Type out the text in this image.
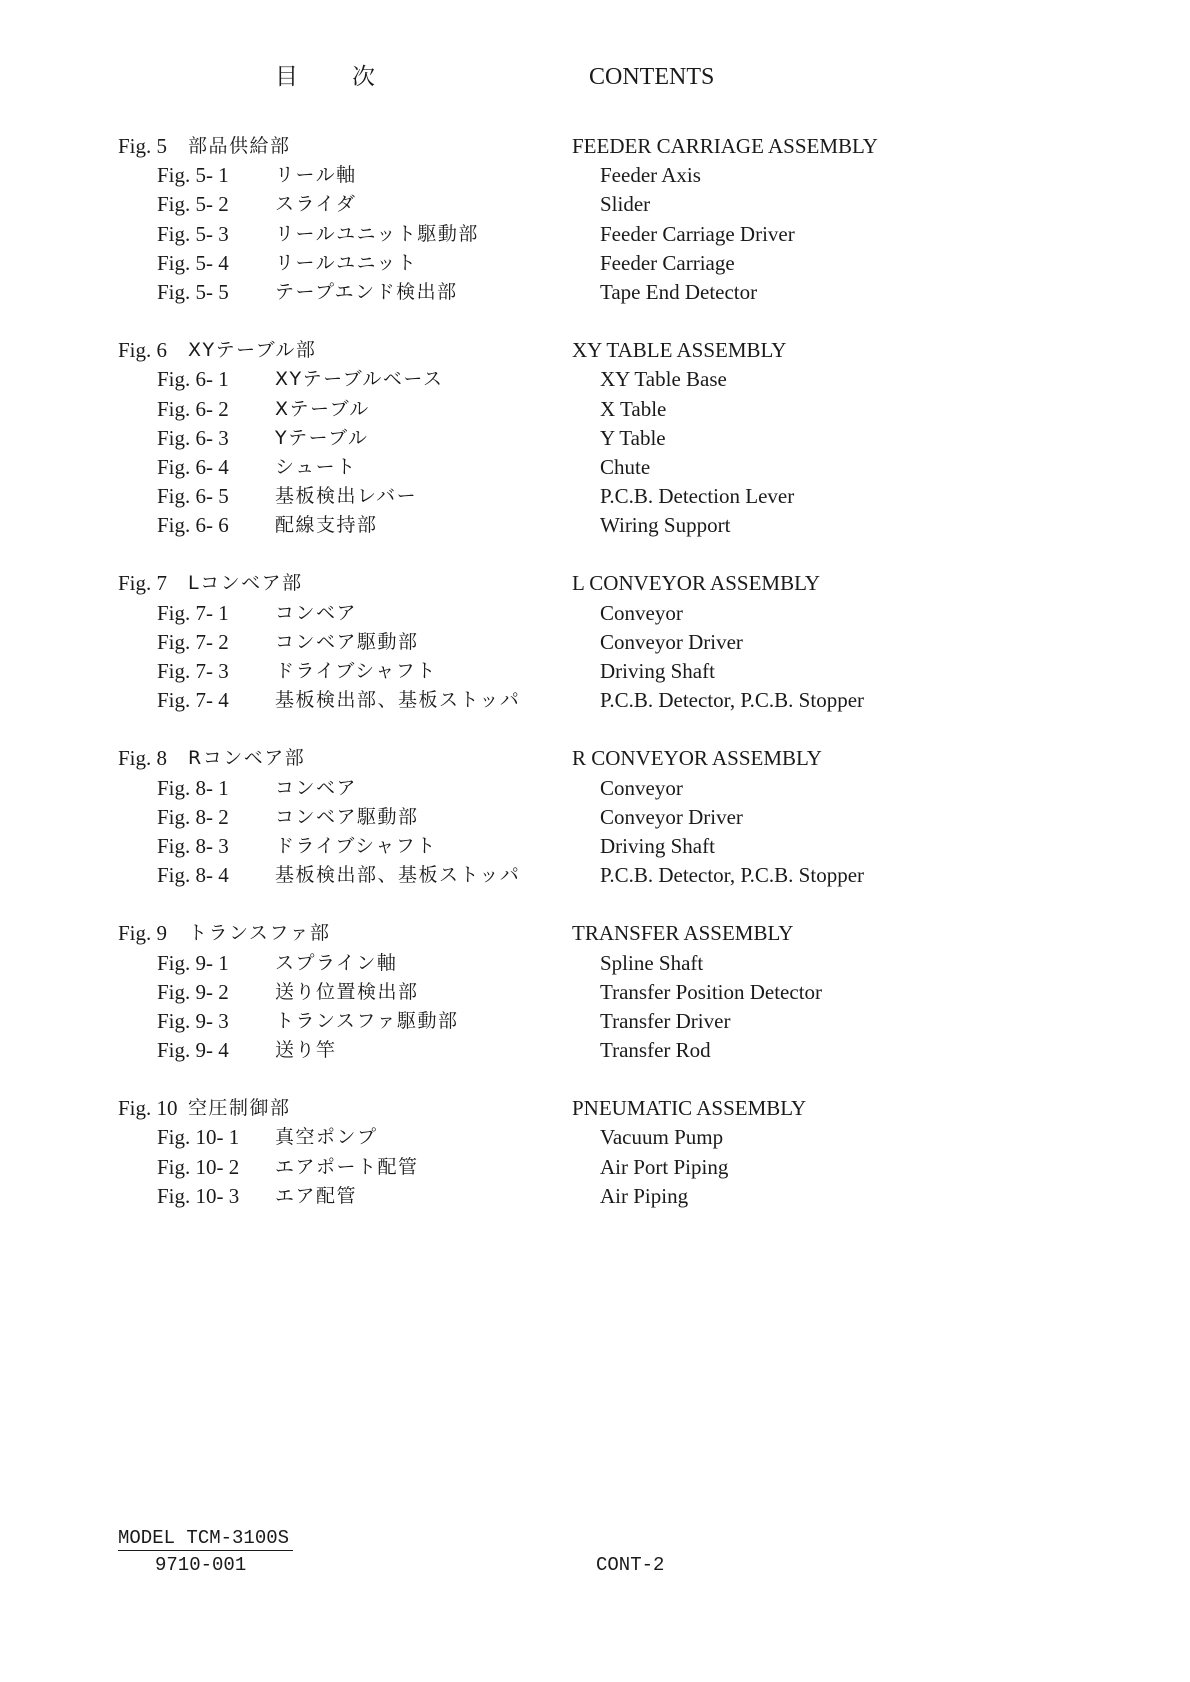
目次	CONTENTS
Fig. 5 部品供給部	FEEDER CARRIAGE ASSEMBLY
Fig. 5- 1 リール軸	Feeder Axis
Fig. 5- 2 スライダ	Slider
Fig. 5- 3 リールユニット駆動部	Feeder Carriage Driver
Fig. 5- 4 リールユニット	Feeder Carriage
Fig. 5- 5 テープエンド検出部	Tape End Detector
Fig. 6 XYテーブル部	XY TABLE ASSEMBLY
Fig. 6- 1 XYテーブルベース	XY Table Base
Fig. 6- 2 Xテーブル	X Table
Fig. 6- 3 Yテーブル	Y Table
Fig. 6- 4 シュート	Chute
Fig. 6- 5 基板検出レバー	P.C.B. Detection Lever
Fig. 6- 6 配線支持部	Wiring Support
Fig. 7 Lコンベア部	L CONVEYOR ASSEMBLY
Fig. 7- 1 コンベア	Conveyor
Fig. 7- 2 コンベア駆動部	Conveyor Driver
Fig. 7- 3 ドライブシャフト	Driving Shaft
Fig. 7- 4 基板検出部、基板ストッパ	P.C.B. Detector, P.C.B. Stopper
Fig. 8 Rコンベア部	R CONVEYOR ASSEMBLY
Fig. 8- 1 コンベア	Conveyor
Fig. 8- 2 コンベア駆動部	Conveyor Driver
Fig. 8- 3 ドライブシャフト	Driving Shaft
Fig. 8- 4 基板検出部、基板ストッパ	P.C.B. Detector, P.C.B. Stopper
Fig. 9 トランスファ部	TRANSFER ASSEMBLY
Fig. 9- 1 スプライン軸	Spline Shaft
Fig. 9- 2 送り位置検出部	Transfer Position Detector
Fig. 9- 3 トランスファ駆動部	Transfer Driver
Fig. 9- 4 送り竿	Transfer Rod
Fig. 10 空圧制御部	PNEUMATIC ASSEMBLY
Fig. 10- 1 真空ポンプ	Vacuum Pump
Fig. 10- 2 エアポート配管	Air Port Piping
Fig. 10- 3 エア配管	Air Piping
MODEL TCM-3100S
9710-001	CONT-2
